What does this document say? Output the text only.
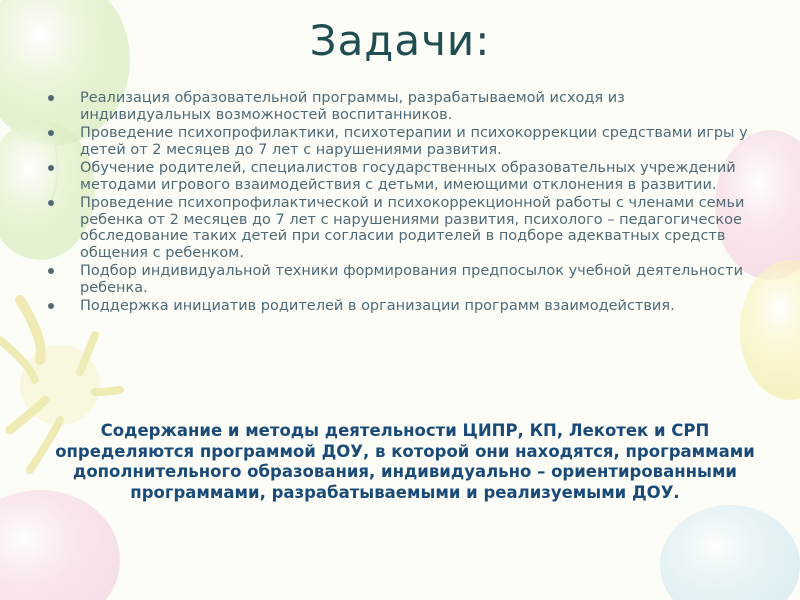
Задачи:
Реализация образовательной программы, разрабатываемой исходя из индивидуальных возможностей воспитанников.
Проведение психопрофилактики, психотерапии и психокоррекции средствами игры у детей от 2 месяцев до 7 лет с нарушениями развития.
Обучение родителей, специалистов государственных образовательных учреждений методами игрового взаимодействия с детьми, имеющими отклонения в развитии.
Проведение психопрофилактической и психокоррекционной работы с членами семьи ребенка от 2 месяцев до 7 лет с нарушениями развития, психолого – педагогическое обследование таких детей при согласии родителей в подборе адекватных средств общения с ребенком.
Подбор индивидуальной техники формирования предпосылок учебной деятельности ребенка.
Поддержка инициатив родителей в организации программ взаимодействия.

Содержание и методы деятельности ЦИПР, КП, Лекотек и СРП определяются программой ДОУ, в которой они находятся, программами дополнительного образования, индивидуально – ориентированными программами, разрабатываемыми и реализуемыми ДОУ.
